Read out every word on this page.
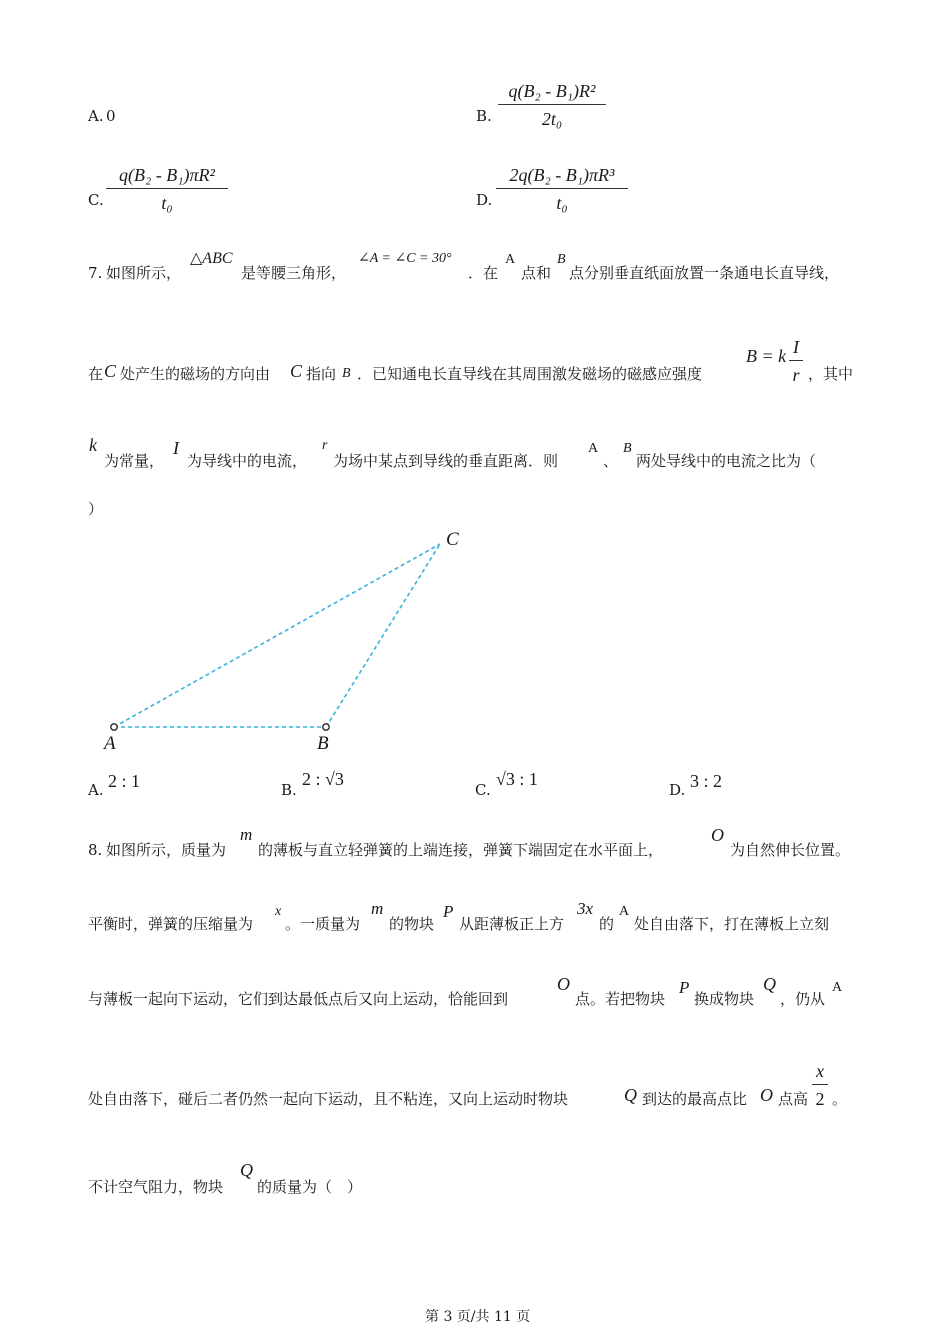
A. 0	B.
q(B₂ - B₁)R²
2t₀
C.
q(B₂ - B₁)πR²
t₀	D.
2q(B₂ - B₁)πR³
t₀
7. 如图所示，
△ABC
是等腰三角形，
∠A = ∠C = 30°
．在
A
点和
B
点分别垂直纸面放置一条通电长直导线，
在 C 处产生的磁场的方向由 C 指向 B ．已知通电长直导线在其周围激发磁场的磁感应强度
B = k I
r ，其中
k
为常量，
I
为导线中的电流，
r
为场中某点到导线的垂直距离．则
A
、
B
两处导线中的电流之比为（
）
A	B
C
A. 2 : 1	B.
2 : √3
C.
√3 : 1
D. 3 : 2
8. 如图所示，质量为
m
的薄板与直立轻弹簧的上端连接，弹簧下端固定在水平面上，
O
为自然伸长位置。
平衡时，弹簧的压缩量为
x
。一质量为
m
的物块
P
从距薄板正上方
3x
的
A
处自由落下，打在薄板上立刻
与薄板一起向下运动，它们到达最低点后又向上运动，恰能回到
O
点。若把物块
P
换成物块
Q
，仍从
A
处自由落下，碰后二者仍然一起向下运动，且不粘连，又向上运动时物块	Q 到达的最高点比 O 点高
x
2 。
不计空气阻力，物块
Q
的质量为（　）
第 3 页/共 11 页
